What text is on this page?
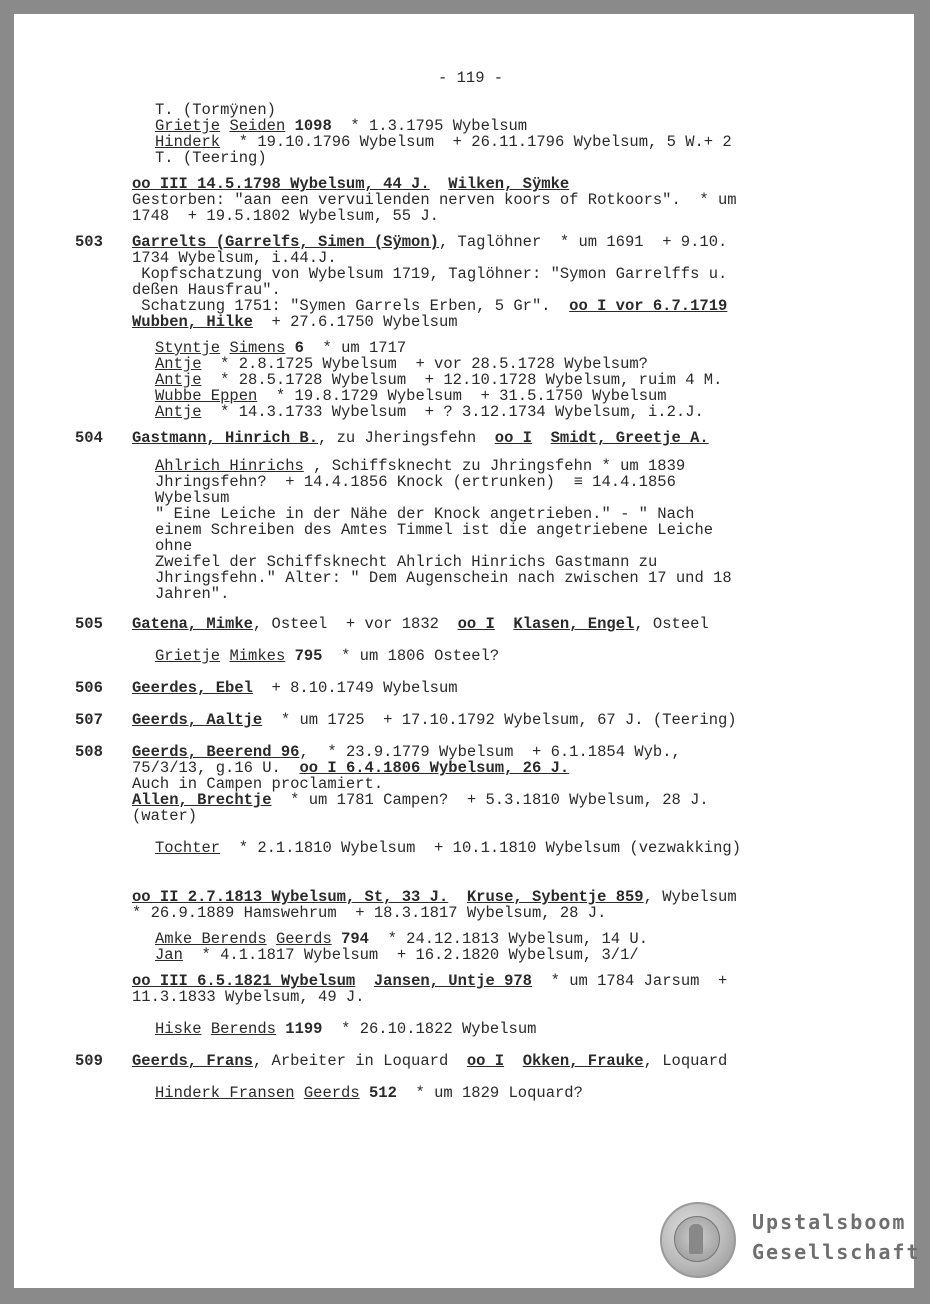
- 119 -
T. (Tormÿnen)
Grietje Seiden 1098  * 1.3.1795 Wybelsum
Hinderk  * 19.10.1796 Wybelsum  + 26.11.1796 Wybelsum, 5 W.+ 2
T. (Teering)
oo III 14.5.1798 Wybelsum, 44 J. Wilken, Sÿmke
Gestorben: "aan een vervuilenden nerven koors of Rotkoors".  * um
1748  + 19.5.1802 Wybelsum, 55 J.
503 Garrelts (Garrelfs, Simen (Sÿmon), Taglöhner  * um 1691  + 9.10.
1734 Wybelsum, i.44.J.
Kopfschatzung von Wybelsum 1719, Taglöhner: "Symon Garrelffs u.
deßen Hausfrau".
Schatzung 1751: "Symen Garrels Erben, 5 Gr".  oo I vor 6.7.1719
Wubben, Hilke  + 27.6.1750 Wybelsum
Styntje Simens 6  * um 1717
Antje  * 2.8.1725 Wybelsum  + vor 28.5.1728 Wybelsum?
Antje  * 28.5.1728 Wybelsum  + 12.10.1728 Wybelsum, ruim 4 M.
Wubbe Eppen  * 19.8.1729 Wybelsum  + 31.5.1750 Wybelsum
Antje  * 14.3.1733 Wybelsum  + ? 3.12.1734 Wybelsum, i.2.J.
504 Gastmann, Hinrich B., zu Jheringsfehn  oo I Smidt, Greetje A.
Ahlrich Hinrichs , Schiffsknecht zu Jhringsfehn * um 1839
Jhringsfehn?  + 14.4.1856 Knock (ertrunken)  ≡ 14.4.1856
Wybelsum
" Eine Leiche in der Nähe der Knock angetrieben." - " Nach
einem Schreiben des Amtes Timmel ist die angetriebene Leiche
ohne
Zweifel der Schiffsknecht Ahlrich Hinrichs Gastmann zu
Jhringsfehn." Alter: " Dem Augenschein nach zwischen 17 und 18
Jahren".
505 Gatena, Mimke, Osteel  + vor 1832  oo I Klasen, Engel, Osteel
Grietje Mimkes 795  * um 1806 Osteel?
506 Geerdes, Ebel  + 8.10.1749 Wybelsum
507 Geerds, Aaltje  * um 1725  + 17.10.1792 Wybelsum, 67 J. (Teering)
508 Geerds, Beerend 96,  * 23.9.1779 Wybelsum  + 6.1.1854 Wyb.,
75/3/13, g.16 U.  oo I 6.4.1806 Wybelsum, 26 J.
Auch in Campen proclamiert.
Allen, Brechtje  * um 1781 Campen?  + 5.3.1810 Wybelsum, 28 J.
(water)
Tochter  * 2.1.1810 Wybelsum  + 10.1.1810 Wybelsum (vezwakking)
oo II 2.7.1813 Wybelsum, St, 33 J. Kruse, Sybentje 859, Wybelsum
* 26.9.1889 Hamswehrum  + 18.3.1817 Wybelsum, 28 J.
Amke Berends Geerds 794  * 24.12.1813 Wybelsum, 14 U.
Jan  * 4.1.1817 Wybelsum  + 16.2.1820 Wybelsum, 3/1/
oo III 6.5.1821 Wybelsum Jansen, Untje 978  * um 1784 Jarsum  +
11.3.1833 Wybelsum, 49 J.
Hiske Berends 1199  * 26.10.1822 Wybelsum
509 Geerds, Frans, Arbeiter in Loquard  oo I Okken, Frauke, Loquard
Hinderk Fransen Geerds 512  * um 1829 Loquard?
Upstalsboom
Gesellschaft
